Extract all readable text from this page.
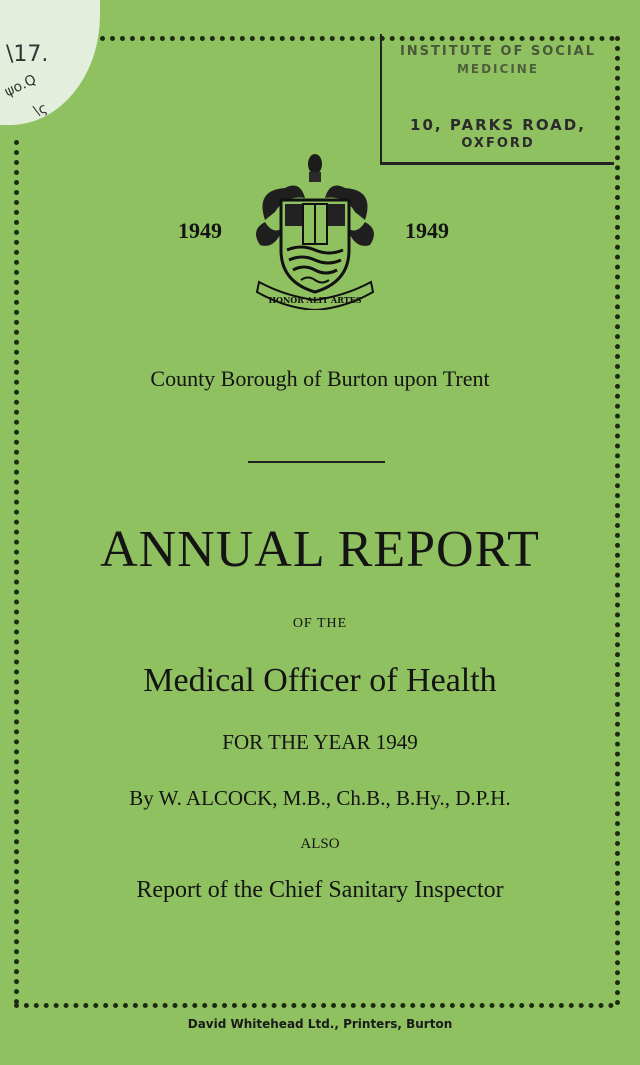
\17.
ψo.Q
\ς
INSTITUTE OF SOCIAL
MEDICINE
10, PARKS ROAD,
OXFORD
1949	1949
HONOR ALIT ARTES
County Borough of Burton upon Trent
ANNUAL REPORT
OF THE
Medical Officer of Health
FOR THE YEAR 1949
By W. ALCOCK, M.B., Ch.B., B.Hy., D.P.H.
ALSO
Report of the Chief Sanitary Inspector
David Whitehead Ltd., Printers, Burton
